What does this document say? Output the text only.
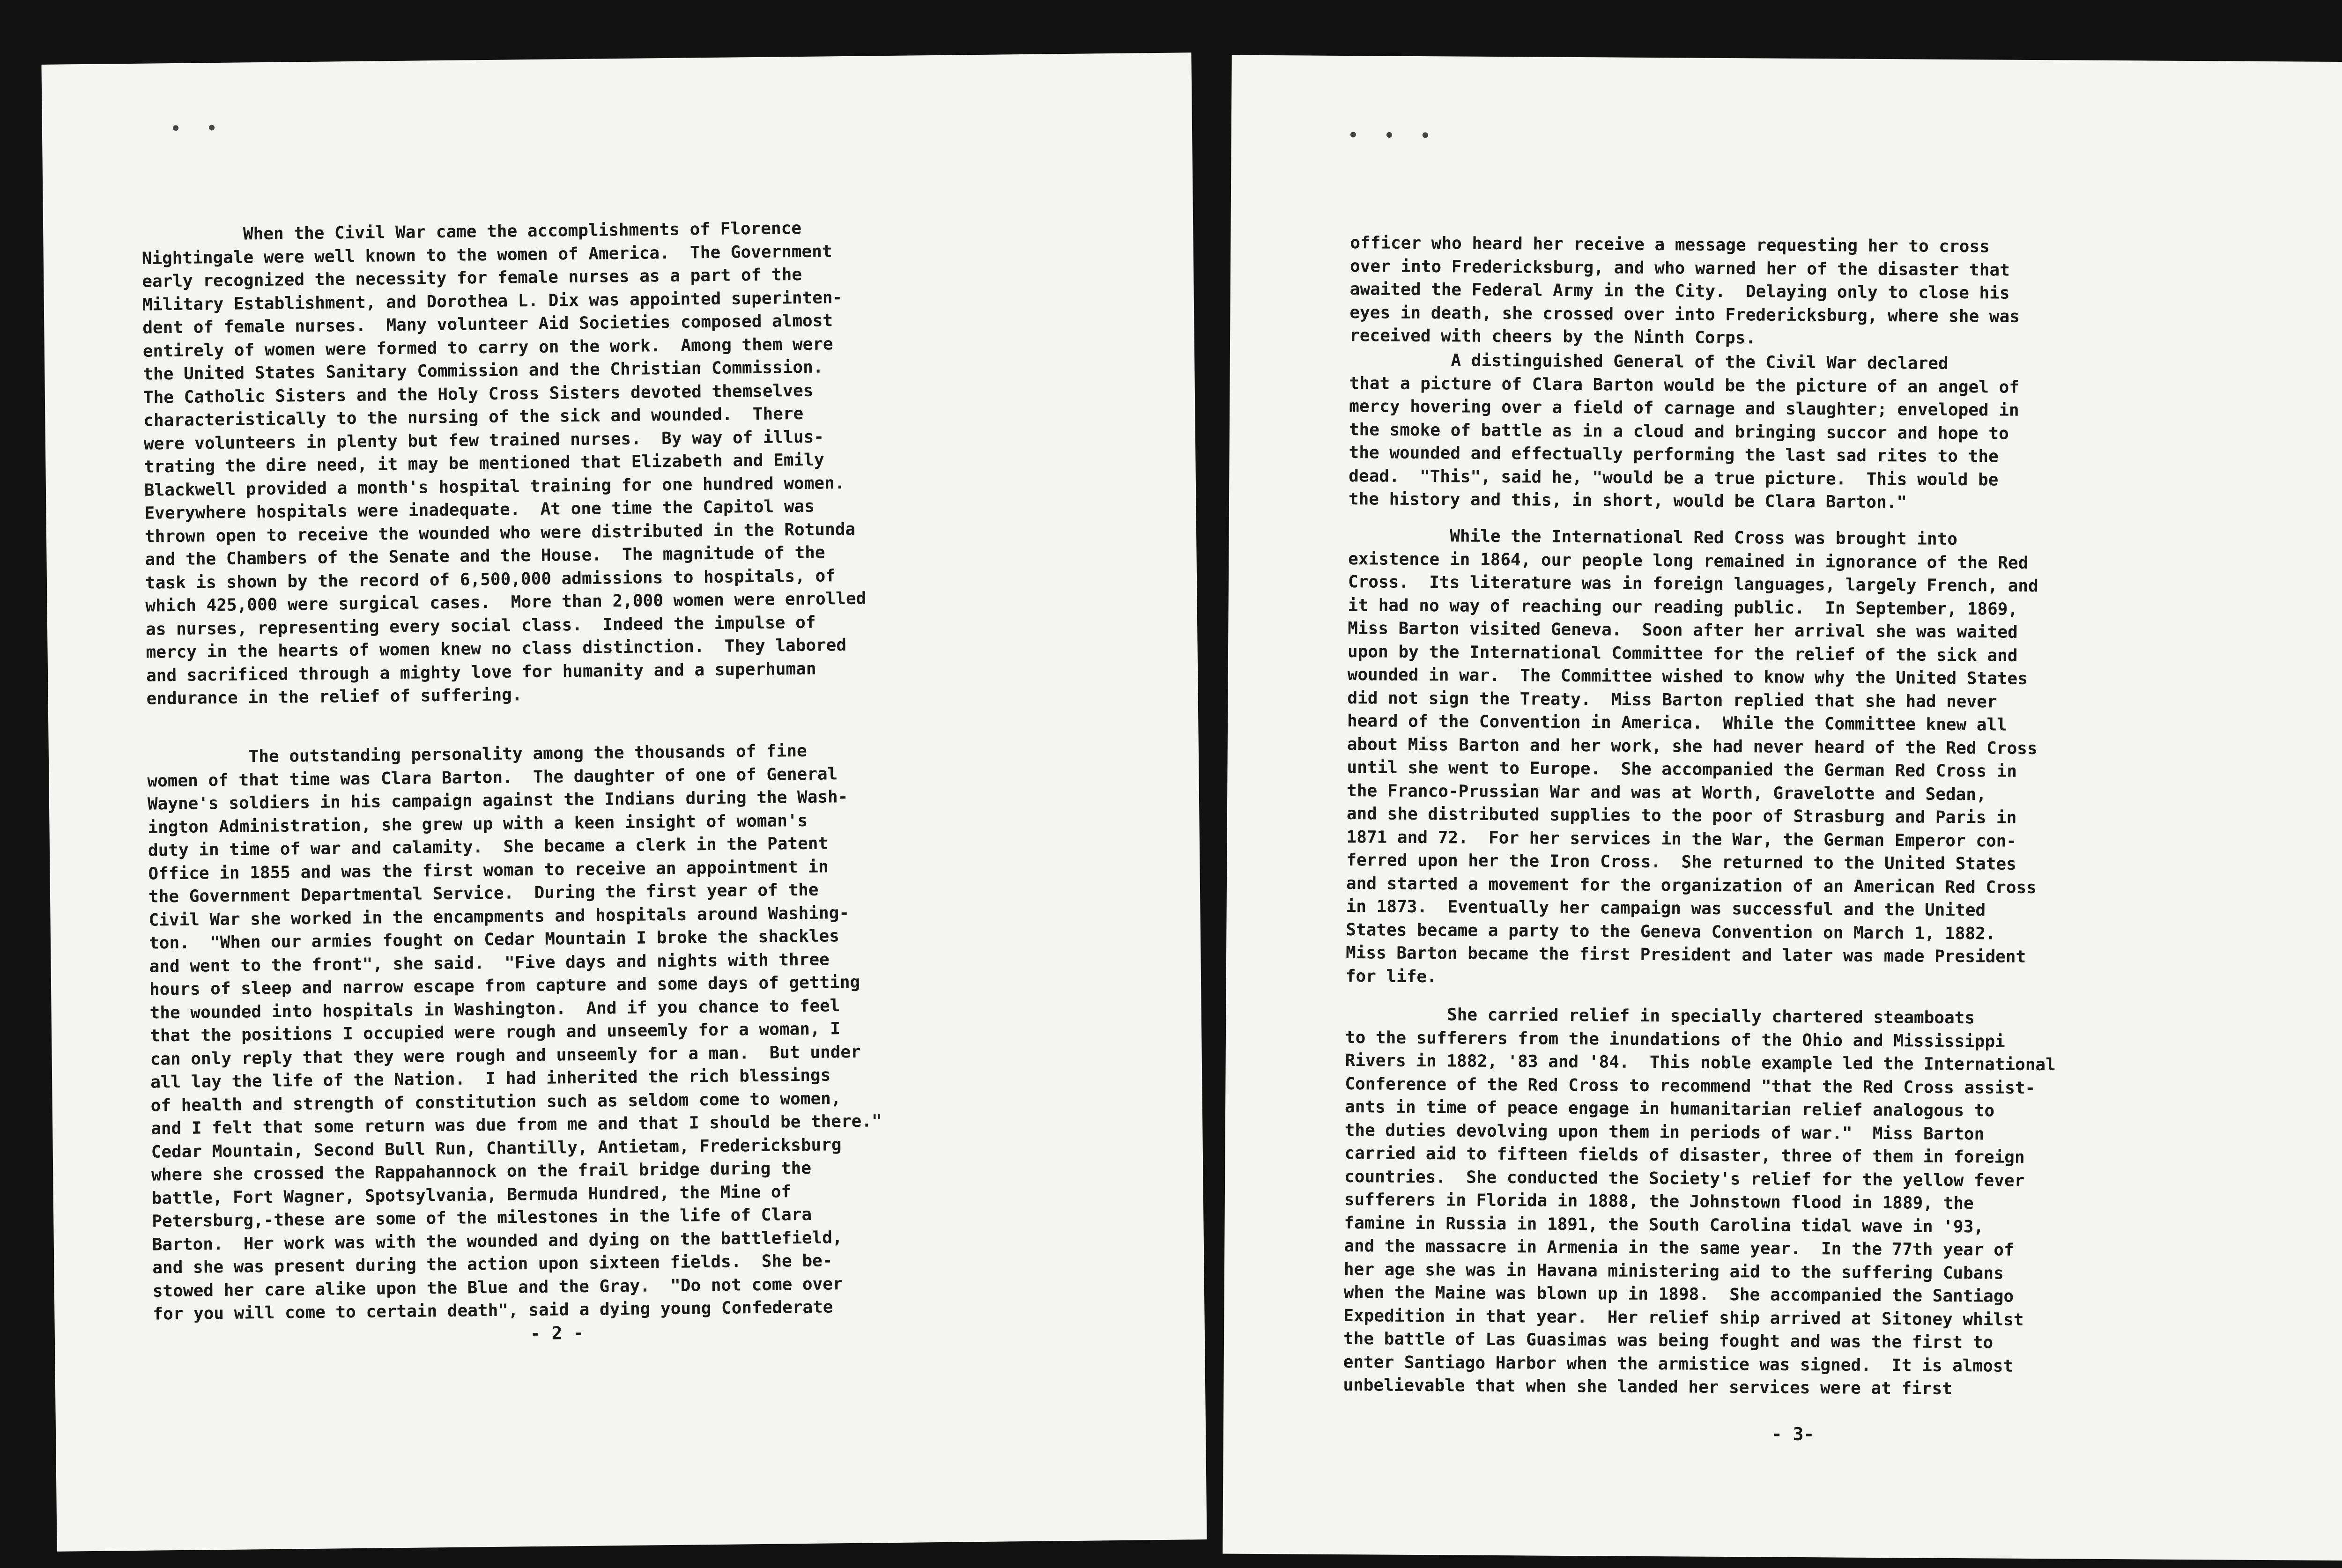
• •
When the Civil War came the accomplishments of Florence
Nightingale were well known to the women of America.  The Government
early recognized the necessity for female nurses as a part of the
Military Establishment, and Dorothea L. Dix was appointed superinten-
dent of female nurses.  Many volunteer Aid Societies composed almost
entirely of women were formed to carry on the work.  Among them were
the United States Sanitary Commission and the Christian Commission.
The Catholic Sisters and the Holy Cross Sisters devoted themselves
characteristically to the nursing of the sick and wounded.  There
were volunteers in plenty but few trained nurses.  By way of illus-
trating the dire need, it may be mentioned that Elizabeth and Emily
Blackwell provided a month's hospital training for one hundred women.
Everywhere hospitals were inadequate.  At one time the Capitol was
thrown open to receive the wounded who were distributed in the Rotunda
and the Chambers of the Senate and the House.  The magnitude of the
task is shown by the record of 6,500,000 admissions to hospitals, of
which 425,000 were surgical cases.  More than 2,000 women were enrolled
as nurses, representing every social class.  Indeed the impulse of
mercy in the hearts of women knew no class distinction.  They labored
and sacrificed through a mighty love for humanity and a superhuman
endurance in the relief of suffering.
The outstanding personality among the thousands of fine
women of that time was Clara Barton.  The daughter of one of General
Wayne's soldiers in his campaign against the Indians during the Wash-
ington Administration, she grew up with a keen insight of woman's
duty in time of war and calamity.  She became a clerk in the Patent
Office in 1855 and was the first woman to receive an appointment in
the Government Departmental Service.  During the first year of the
Civil War she worked in the encampments and hospitals around Washing-
ton.  "When our armies fought on Cedar Mountain I broke the shackles
and went to the front", she said.  "Five days and nights with three
hours of sleep and narrow escape from capture and some days of getting
the wounded into hospitals in Washington.  And if you chance to feel
that the positions I occupied were rough and unseemly for a woman, I
can only reply that they were rough and unseemly for a man.  But under
all lay the life of the Nation.  I had inherited the rich blessings
of health and strength of constitution such as seldom come to women,
and I felt that some return was due from me and that I should be there."
Cedar Mountain, Second Bull Run, Chantilly, Antietam, Fredericksburg
where she crossed the Rappahannock on the frail bridge during the
battle, Fort Wagner, Spotsylvania, Bermuda Hundred, the Mine of
Petersburg,-these are some of the milestones in the life of Clara
Barton.  Her work was with the wounded and dying on the battlefield,
and she was present during the action upon sixteen fields.  She be-
stowed her care alike upon the Blue and the Gray.  "Do not come over
for you will come to certain death", said a dying young Confederate
- 2 -
• • •
officer who heard her receive a message requesting her to cross
over into Fredericksburg, and who warned her of the disaster that
awaited the Federal Army in the City.  Delaying only to close his
eyes in death, she crossed over into Fredericksburg, where she was
received with cheers by the Ninth Corps.
A distinguished General of the Civil War declared
that a picture of Clara Barton would be the picture of an angel of
mercy hovering over a field of carnage and slaughter; enveloped in
the smoke of battle as in a cloud and bringing succor and hope to
the wounded and effectually performing the last sad rites to the
dead.  "This", said he, "would be a true picture.  This would be
the history and this, in short, would be Clara Barton."
While the International Red Cross was brought into
existence in 1864, our people long remained in ignorance of the Red
Cross.  Its literature was in foreign languages, largely French, and
it had no way of reaching our reading public.  In September, 1869,
Miss Barton visited Geneva.  Soon after her arrival she was waited
upon by the International Committee for the relief of the sick and
wounded in war.  The Committee wished to know why the United States
did not sign the Treaty.  Miss Barton replied that she had never
heard of the Convention in America.  While the Committee knew all
about Miss Barton and her work, she had never heard of the Red Cross
until she went to Europe.  She accompanied the German Red Cross in
the Franco-Prussian War and was at Worth, Gravelotte and Sedan,
and she distributed supplies to the poor of Strasburg and Paris in
1871 and 72.  For her services in the War, the German Emperor con-
ferred upon her the Iron Cross.  She returned to the United States
and started a movement for the organization of an American Red Cross
in 1873.  Eventually her campaign was successful and the United
States became a party to the Geneva Convention on March 1, 1882.
Miss Barton became the first President and later was made President
for life.
She carried relief in specially chartered steamboats
to the sufferers from the inundations of the Ohio and Mississippi
Rivers in 1882, '83 and '84.  This noble example led the International
Conference of the Red Cross to recommend "that the Red Cross assist-
ants in time of peace engage in humanitarian relief analogous to
the duties devolving upon them in periods of war."  Miss Barton
carried aid to fifteen fields of disaster, three of them in foreign
countries.  She conducted the Society's relief for the yellow fever
sufferers in Florida in 1888, the Johnstown flood in 1889, the
famine in Russia in 1891, the South Carolina tidal wave in '93,
and the massacre in Armenia in the same year.  In the 77th year of
her age she was in Havana ministering aid to the suffering Cubans
when the Maine was blown up in 1898.  She accompanied the Santiago
Expedition in that year.  Her relief ship arrived at Sitoney whilst
the battle of Las Guasimas was being fought and was the first to
enter Santiago Harbor when the armistice was signed.  It is almost
unbelievable that when she landed her services were at first
- 3-
